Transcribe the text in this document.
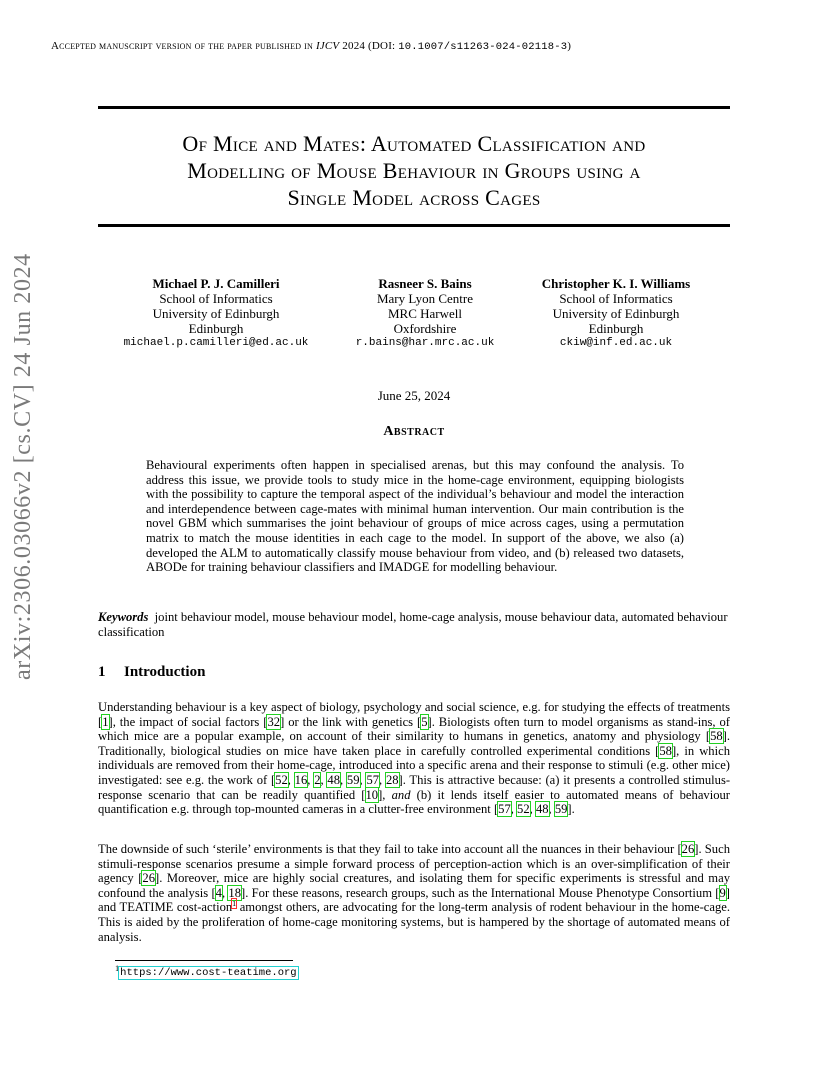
Accepted manuscript version of the paper published in IJCV 2024 (DOI: 10.1007/s11263-024-02118-3)
Of Mice and Mates: Automated Classification and
Modelling of Mouse Behaviour in Groups using a
Single Model across Cages
arXiv:2306.03066v2 [cs.CV] 24 Jun 2024	Michael P. J. Camilleri
School of Informatics
University of Edinburgh
Edinburgh
michael.p.camilleri@ed.ac.uk
Rasneer S. Bains
Mary Lyon Centre
MRC Harwell
Oxfordshire
r.bains@har.mrc.ac.uk
Christopher K. I. Williams
School of Informatics
University of Edinburgh
Edinburgh
ckiw@inf.ed.ac.uk
June 25, 2024
Abstract
Behavioural experiments often happen in specialised arenas, but this may confound the analysis. To address this issue, we provide tools to study mice in the home-cage environment, equipping biologists with the possibility to capture the temporal aspect of the individual’s behaviour and model the interaction and interdependence between cage-mates with minimal human intervention. Our main contribution is the novel GBM which summarises the joint behaviour of groups of mice across cages, using a permutation matrix to match the mouse identities in each cage to the model. In support of the above, we also (a) developed the ALM to automatically classify mouse behaviour from video, and (b) released two datasets, ABODe for training behaviour classifiers and IMADGE for modelling behaviour.
Keywords joint behaviour model, mouse behaviour model, home-cage analysis, mouse behaviour data, automated behaviour classification
1 Introduction
Understanding behaviour is a key aspect of biology, psychology and social science, e.g. for studying the effects of treatments [1], the impact of social factors [32] or the link with genetics [5]. Biologists often turn to model organisms as stand-ins, of which mice are a popular example, on account of their similarity to humans in genetics, anatomy and physiology [58]. Traditionally, biological studies on mice have taken place in carefully controlled experimental conditions [58], in which individuals are removed from their home-cage, introduced into a specific arena and their response to stimuli (e.g. other mice) investigated: see e.g. the work of [52, 16, 2, 48, 59, 57, 28]. This is attractive because: (a) it presents a controlled stimulus-response scenario that can be readily quantified [10], and (b) it lends itself easier to automated means of behaviour quantification e.g. through top-mounted cameras in a clutter-free environment [57, 52, 48, 59].
The downside of such ‘sterile’ environments is that they fail to take into account all the nuances in their behaviour [26]. Such stimuli-response scenarios presume a simple forward process of perception-action which is an over-simplification of their agency [26]. Moreover, mice are highly social creatures, and isolating them for specific experiments is stressful and may confound the analysis [4, 18]. For these reasons, research groups, such as the International Mouse Phenotype Consortium [9] and TEATIME cost-action$^1$ amongst others, are advocating for the long-term analysis of rodent behaviour in the home-cage. This is aided by the proliferation of home-cage monitoring systems, but is hampered by the shortage of automated means of analysis.
$^1$https://www.cost-teatime.org
